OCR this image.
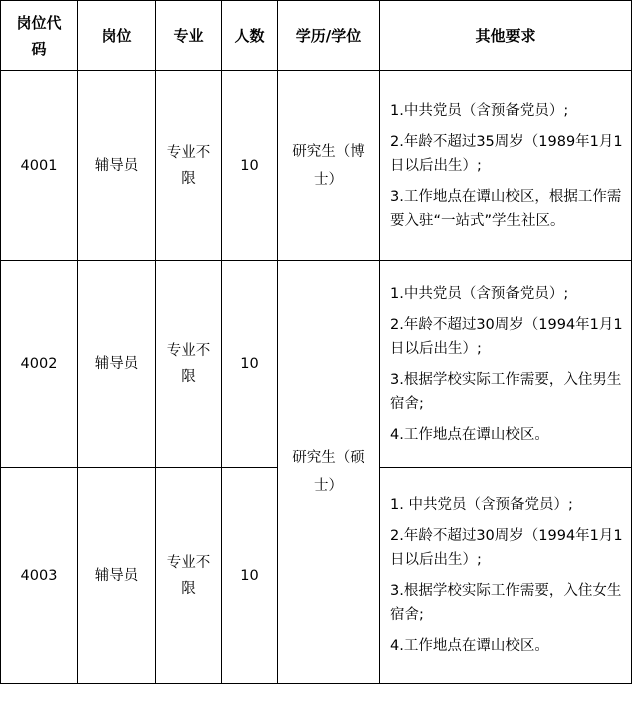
岗位代码	岗位	专业	人数	学历/学位	其他要求
4001	辅导员	专业不限	10	研究生（博士）	1.中共党员（含预备党员）;

2.年龄不超过35周岁（1989年1月1日以后出生）;

3.工作地点在谭山校区，根据工作需要入驻“一站式”学生社区。

4002	辅导员	专业不限	10	研究生（硕士）	1.中共党员（含预备党员）;

2.年龄不超过30周岁（1994年1月1日以后出生）;

3.根据学校实际工作需要，入住男生宿舍;

4.工作地点在谭山校区。

4003	辅导员	专业不限	10		1. 中共党员（含预备党员）;

2.年龄不超过30周岁（1994年1月1日以后出生）;

3.根据学校实际工作需要，入住女生宿舍;

4.工作地点在谭山校区。
